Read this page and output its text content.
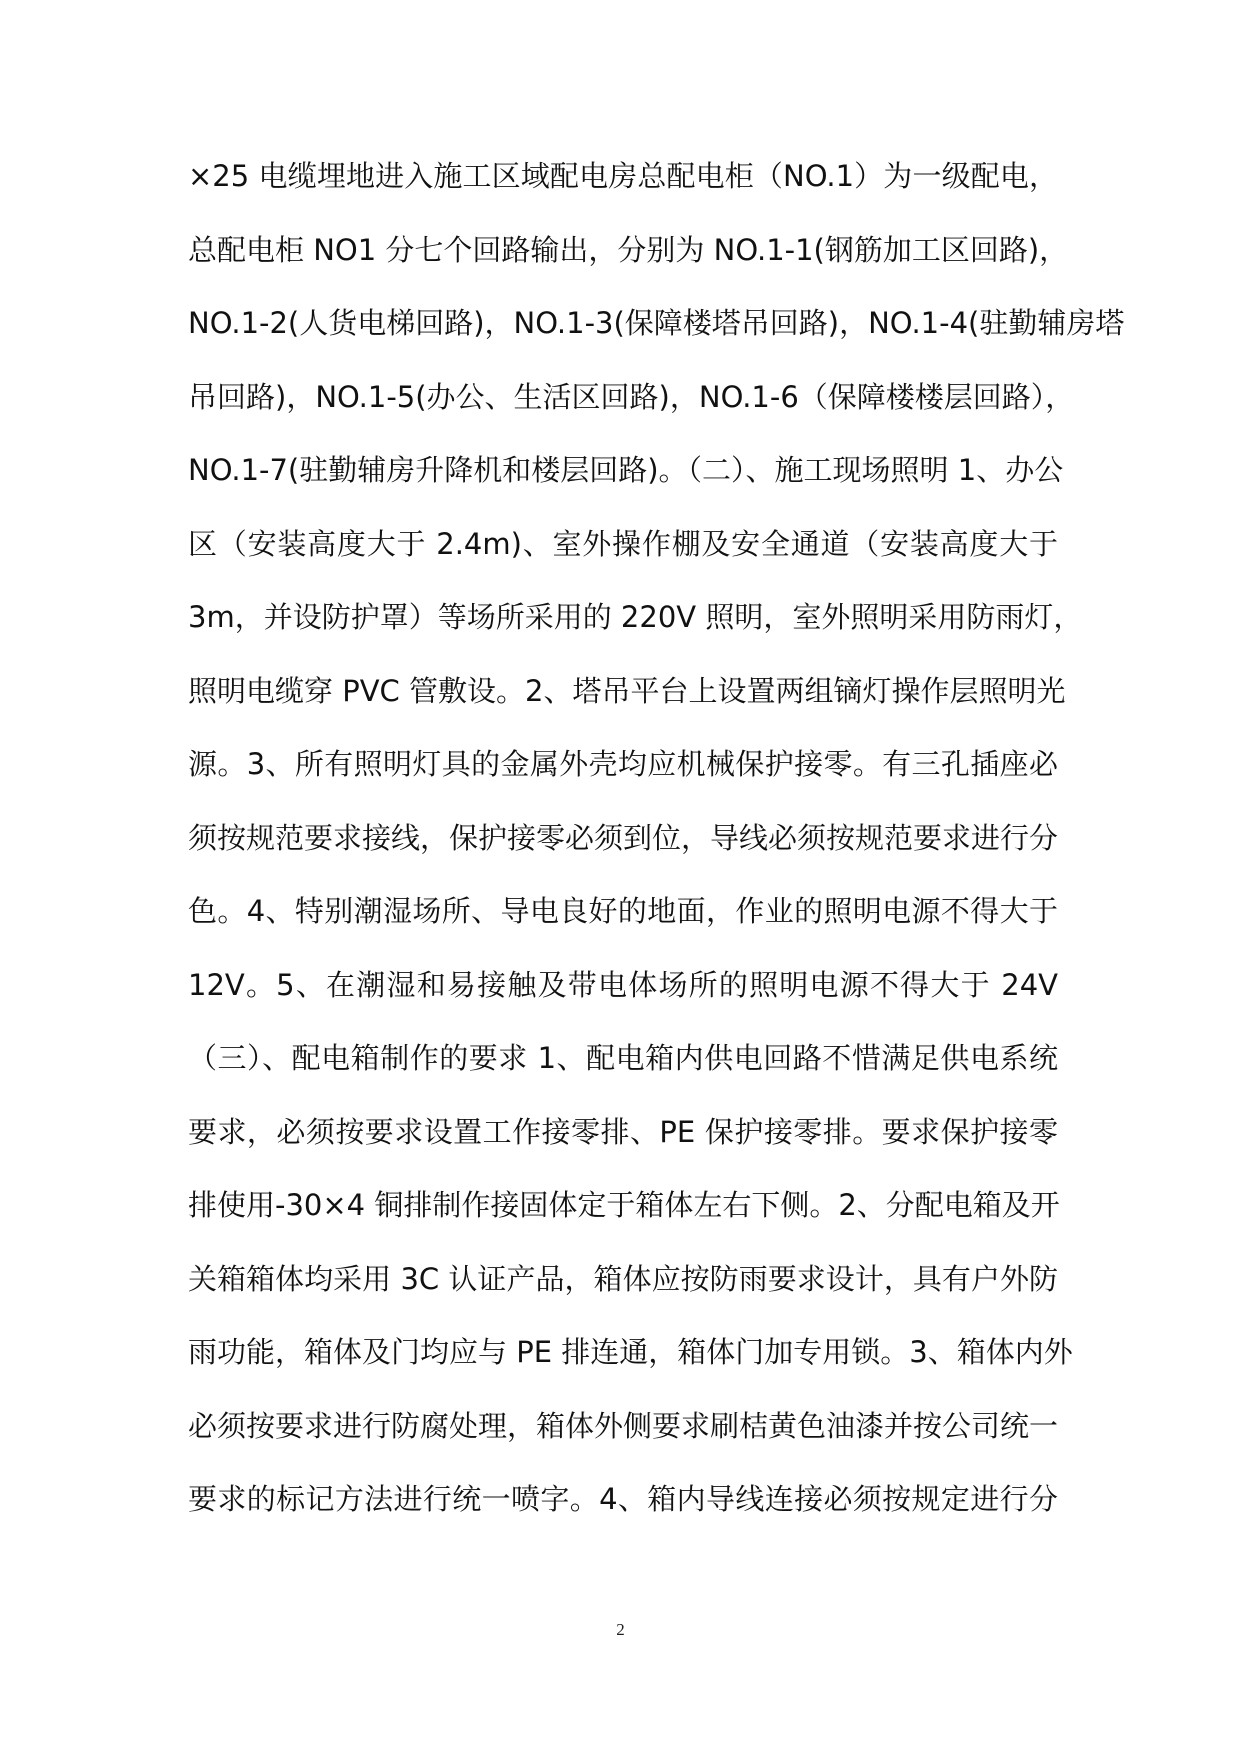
×25 电缆埋地进入施工区域配电房总配电柜（NO.1）为一级配电，
总配电柜 NO1 分七个回路输出，分别为 NO.1-1(钢筋加工区回路)，
NO.1-2(人货电梯回路)，NO.1-3(保障楼塔吊回路)，NO.1-4(驻勤辅房塔
吊回路)，NO.1-5(办公、生活区回路)，NO.1-6（保障楼楼层回路），
NO.1-7(驻勤辅房升降机和楼层回路)。（二）、施工现场照明 1、办公
区（安装高度大于 2.4m)、室外操作棚及安全通道（安装高度大于
3m，并设防护罩）等场所采用的 220V 照明，室外照明采用防雨灯，
照明电缆穿 PVC 管敷设。2、塔吊平台上设置两组镝灯操作层照明光
源。3、所有照明灯具的金属外壳均应机械保护接零。有三孔插座必
须按规范要求接线，保护接零必须到位，导线必须按规范要求进行分
色。4、特别潮湿场所、导电良好的地面，作业的照明电源不得大于
12V。5、在潮湿和易接触及带电体场所的照明电源不得大于 24V
（三）、配电箱制作的要求 1、配电箱内供电回路不惜满足供电系统
要求，必须按要求设置工作接零排、PE 保护接零排。要求保护接零
排使用-30×4 铜排制作接固体定于箱体左右下侧。2、分配电箱及开
关箱箱体均采用 3C 认证产品，箱体应按防雨要求设计，具有户外防
雨功能，箱体及门均应与 PE 排连通，箱体门加专用锁。3、箱体内外
必须按要求进行防腐处理，箱体外侧要求刷桔黄色油漆并按公司统一
要求的标记方法进行统一喷字。4、箱内导线连接必须按规定进行分
2
